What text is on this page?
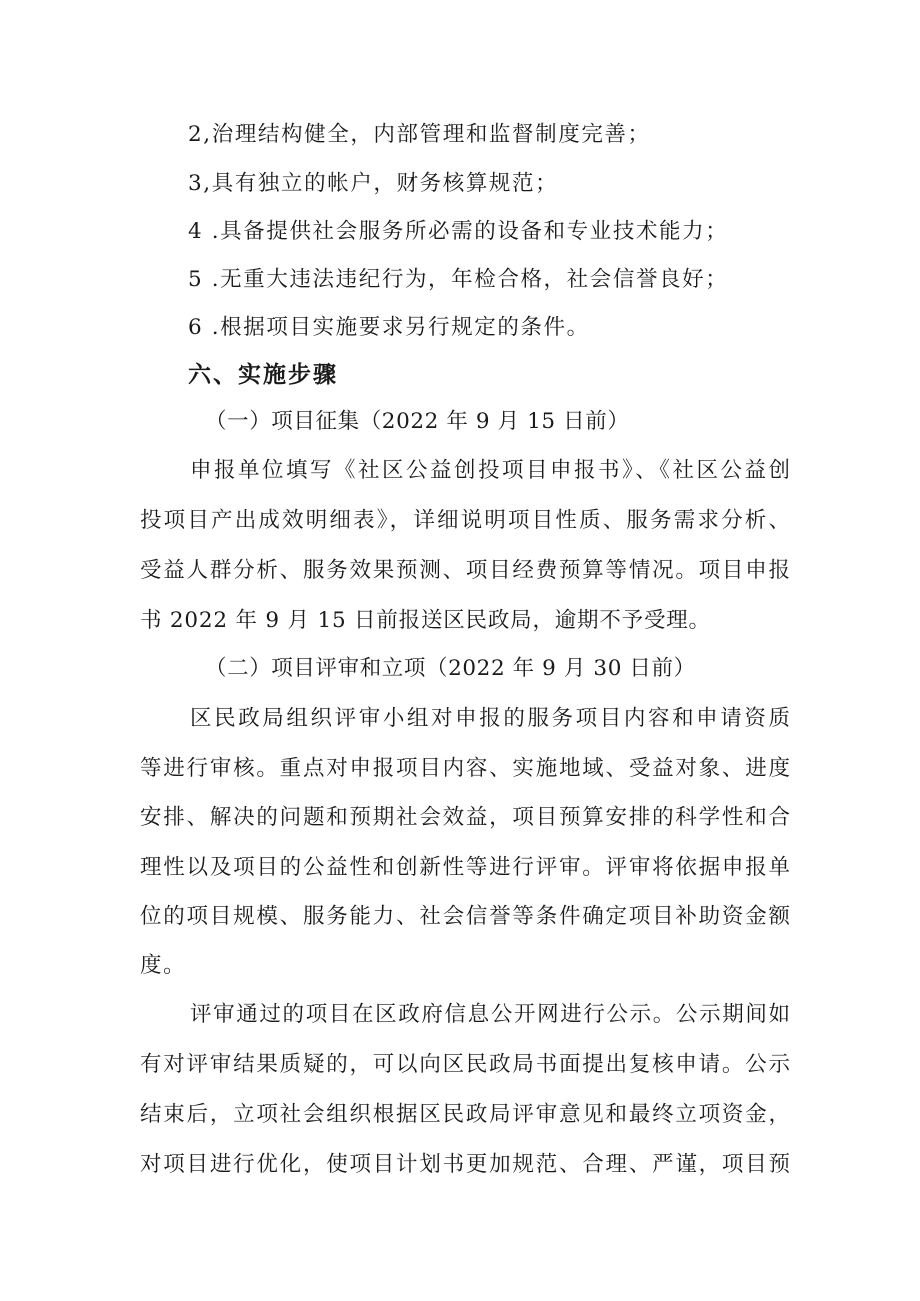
2,治理结构健全，内部管理和监督制度完善；
3,具有独立的帐户，财务核算规范；
4 .具备提供社会服务所必需的设备和专业技术能力；
5 .无重大违法违纪行为，年检合格，社会信誉良好；
6 .根据项目实施要求另行规定的条件。
六、实施步骤
（一）项目征集（2022 年 9 月 15 日前）
申报单位填写《社区公益创投项目申报书》、《社区公益创
投项目产出成效明细表》，详细说明项目性质、服务需求分析、
受益人群分析、服务效果预测、项目经费预算等情况。项目申报
书 2022 年 9 月 15 日前报送区民政局，逾期不予受理。
（二）项目评审和立项（2022 年 9 月 30 日前）
区民政局组织评审小组对申报的服务项目内容和申请资质
等进行审核。重点对申报项目内容、实施地域、受益对象、进度
安排、解决的问题和预期社会效益，项目预算安排的科学性和合
理性以及项目的公益性和创新性等进行评审。评审将依据申报单
位的项目规模、服务能力、社会信誉等条件确定项目补助资金额
度。
评审通过的项目在区政府信息公开网进行公示。公示期间如
有对评审结果质疑的，可以向区民政局书面提出复核申请。公示
结束后，立项社会组织根据区民政局评审意见和最终立项资金，
对项目进行优化，使项目计划书更加规范、合理、严谨，项目预
